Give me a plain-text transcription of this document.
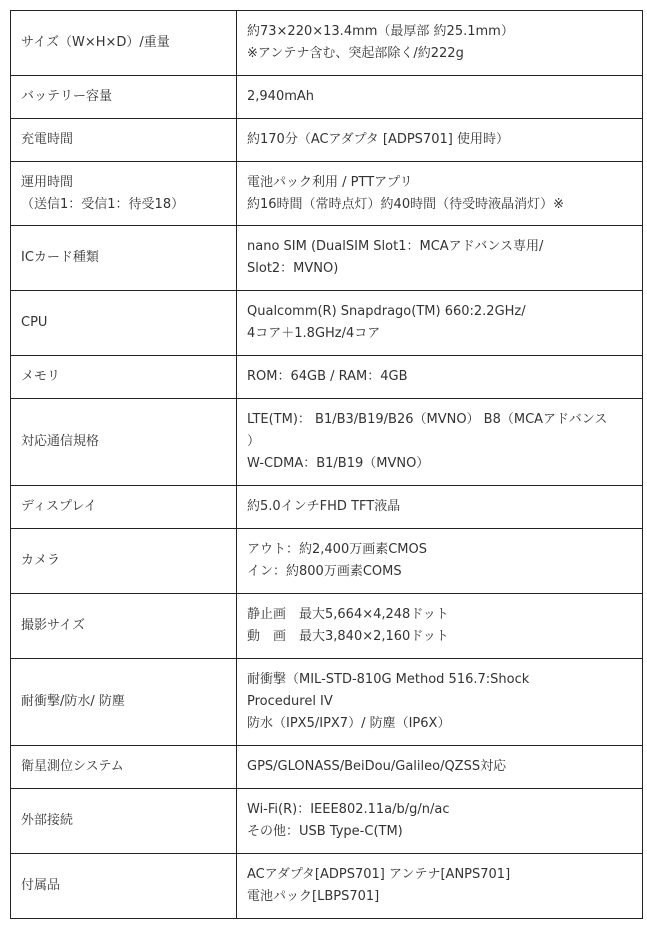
サイズ（W×H×D）/重量	約73×220×13.4mm（最厚部 約25.1mm）
※アンテナ含む、突起部除く/約222g

バッテリー容量	2,940mAh

充電時間	約170分（ACアダプタ [ADPS701] 使用時）

運用時間
（送信1：受信1：待受18）	電池パック利用 / PTTアプリ
約16時間（常時点灯）約40時間（待受時液晶消灯）※

ICカード種類	nano SIM (DualSIM Slot1：MCAアドバンス専用/
Slot2：MVNO)

CPU	Qualcomm(R) Snapdrago(TM) 660:2.2GHz/
4コア＋1.8GHz/4コア

メモリ	ROM：64GB / RAM：4GB

対応通信規格	LTE(TM)： B1/B3/B19/B26（MVNO） B8（MCAアドバンス
）
W-CDMA：B1/B19（MVNO）

ディスプレイ	約5.0インチFHD TFT液晶

カメラ	アウト：約2,400万画素CMOS
イン：約800万画素COMS

撮影サイズ	静止画　最大5,664×4,248ドット
動　画　最大3,840×2,160ドット

耐衝撃/防水/ 防塵	耐衝撃（MIL-STD-810G Method 516.7:Shock
Procedurel IV
防水（IPX5/IPX7）/ 防塵（IP6X）

衛星測位システム	GPS/GLONASS/BeiDou/Galileo/QZSS対応

外部接続	Wi-Fi(R)：IEEE802.11a/b/g/n/ac
その他：USB Type-C(TM)

付属品	ACアダプタ[ADPS701] アンテナ[ANPS701]
電池パック[LBPS701]
